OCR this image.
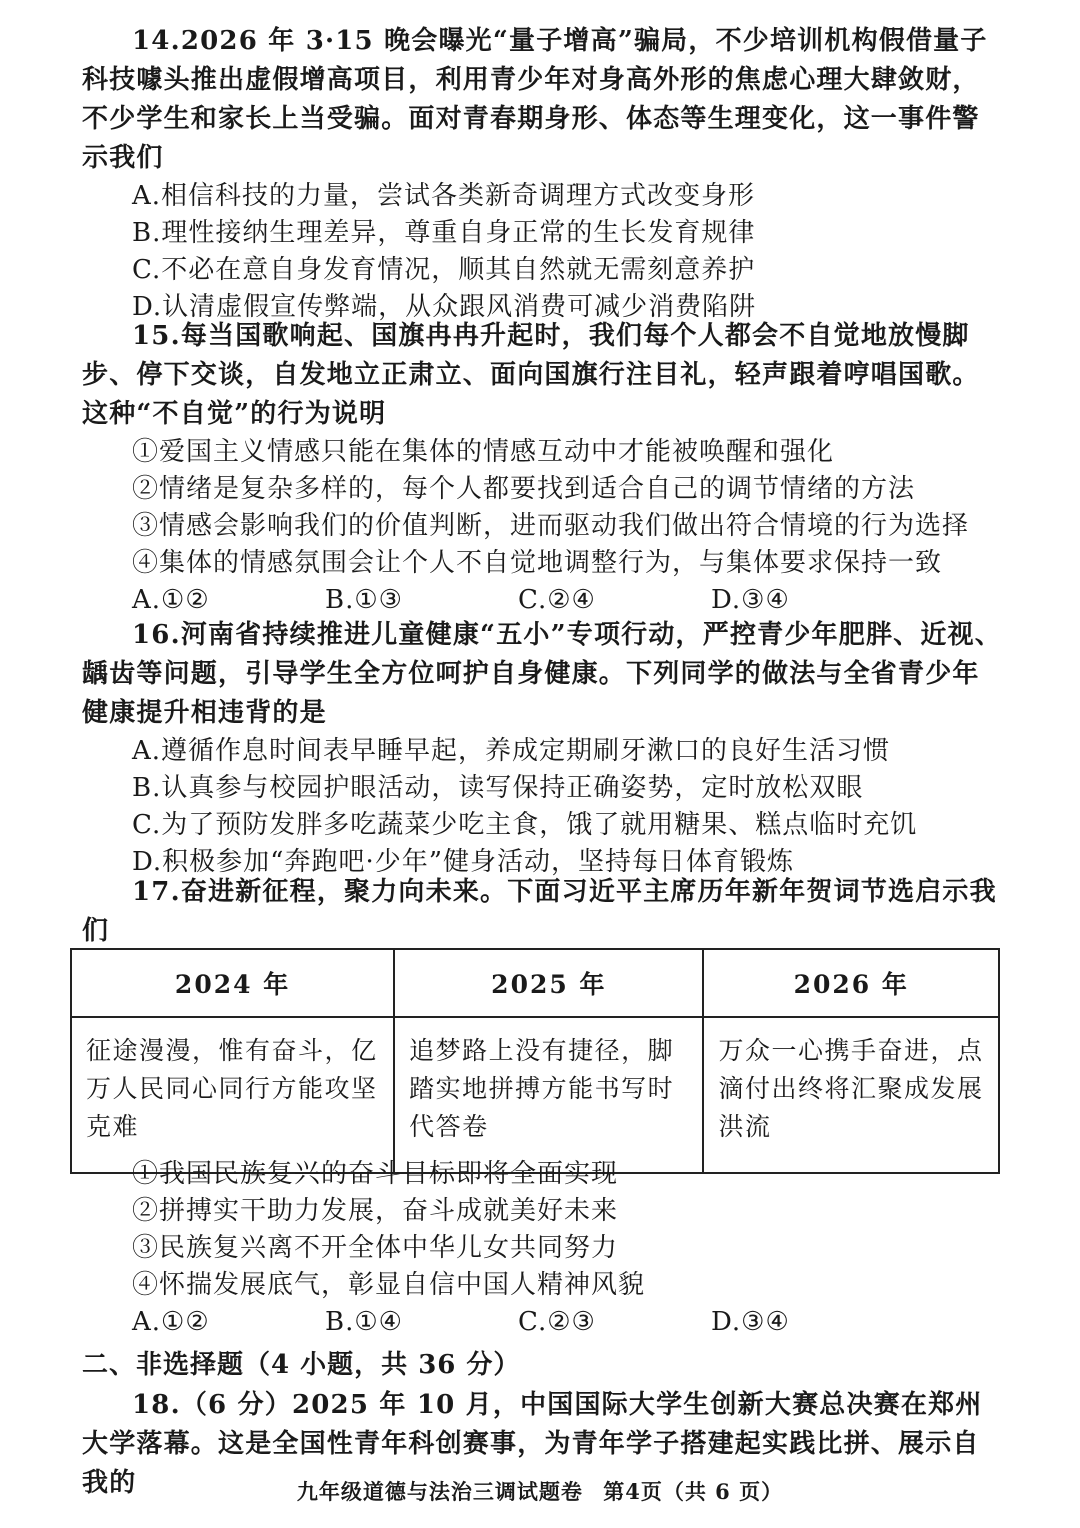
14.2026 年 3·15 晚会曝光“量子增高”骗局，不少培训机构假借量子科技噱头推出虚假增高项目，利用青少年对身高外形的焦虑心理大肆敛财，不少学生和家长上当受骗。面对青春期身形、体态等生理变化，这一事件警示我们

A.相信科技的力量，尝试各类新奇调理方式改变身形

B.理性接纳生理差异，尊重自身正常的生长发育规律

C.不必在意自身发育情况，顺其自然就无需刻意养护

D.认清虚假宣传弊端，从众跟风消费可减少消费陷阱

15.每当国歌响起、国旗冉冉升起时，我们每个人都会不自觉地放慢脚步、停下交谈，自发地立正肃立、面向国旗行注目礼，轻声跟着哼唱国歌。这种“不自觉”的行为说明

①爱国主义情感只能在集体的情感互动中才能被唤醒和强化

②情绪是复杂多样的，每个人都要找到适合自己的调节情绪的方法

③情感会影响我们的价值判断，进而驱动我们做出符合情境的行为选择

④集体的情感氛围会让个人不自觉地调整行为，与集体要求保持一致

A.①②	B.①③	C.②④	D.③④

16.河南省持续推进儿童健康“五小”专项行动，严控青少年肥胖、近视、龋齿等问题，引导学生全方位呵护自身健康。下列同学的做法与全省青少年健康提升相违背的是

A.遵循作息时间表早睡早起，养成定期刷牙漱口的良好生活习惯

B.认真参与校园护眼活动，读写保持正确姿势，定时放松双眼

C.为了预防发胖多吃蔬菜少吃主食，饿了就用糖果、糕点临时充饥

D.积极参加“奔跑吧·少年”健身活动，坚持每日体育锻炼

17.奋进新征程，聚力向未来。下面习近平主席历年新年贺词节选启示我们

2024 年	2025 年	2026 年
征途漫漫，惟有奋斗，亿万人民同心同行方能攻坚克难	追梦路上没有捷径，脚踏实地拼搏方能书写时代答卷	万众一心携手奋进，点滴付出终将汇聚成发展洪流

①我国民族复兴的奋斗目标即将全面实现

②拼搏实干助力发展，奋斗成就美好未来

③民族复兴离不开全体中华儿女共同努力

④怀揣发展底气，彰显自信中国人精神风貌

A.①②	B.①④	C.②③	D.③④

二、非选择题（4 小题，共 36 分）

18.（6 分）2025 年 10 月，中国国际大学生创新大赛总决赛在郑州大学落幕。这是全国性青年科创赛事，为青年学子搭建起实践比拼、展示自我的	九年级道德与法治三调试题卷 第4页（共 6 页）
